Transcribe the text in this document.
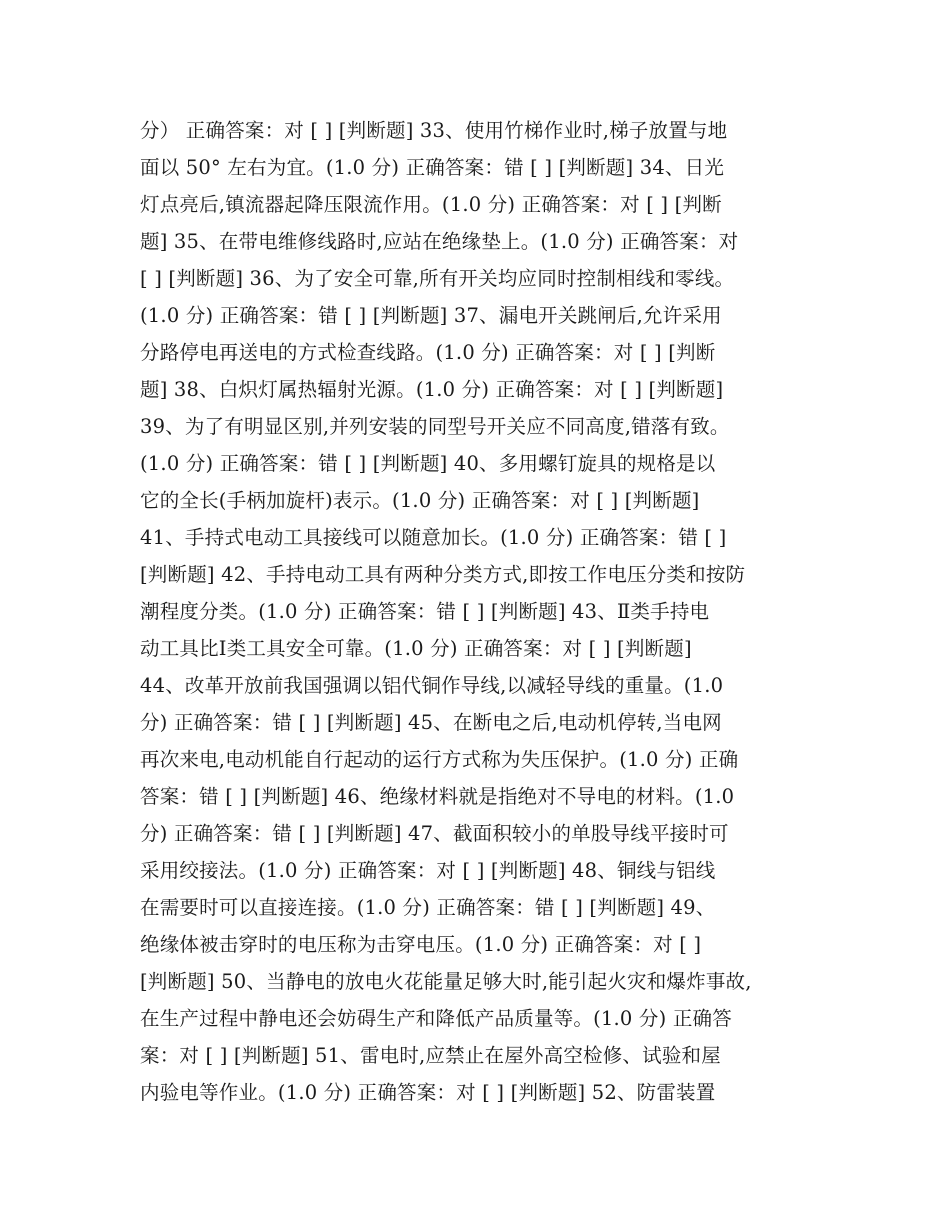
分） 正确答案：对 [ ] [判断题] 33、使用竹梯作业时,梯子放置与地
面以 50° 左右为宜。(1.0 分) 正确答案：错 [ ] [判断题] 34、日光
灯点亮后,镇流器起降压限流作用。(1.0 分) 正确答案：对 [ ] [判断
题] 35、在带电维修线路时,应站在绝缘垫上。(1.0 分) 正确答案：对
[ ] [判断题] 36、为了安全可靠,所有开关均应同时控制相线和零线。
(1.0 分) 正确答案：错 [ ] [判断题] 37、漏电开关跳闸后,允许采用
分路停电再送电的方式检查线路。(1.0 分) 正确答案：对 [ ] [判断
题] 38、白炽灯属热辐射光源。(1.0 分) 正确答案：对 [ ] [判断题]
39、为了有明显区别,并列安装的同型号开关应不同高度,错落有致。
(1.0 分) 正确答案：错 [ ] [判断题] 40、多用螺钉旋具的规格是以
它的全长(手柄加旋杆)表示。(1.0 分) 正确答案：对 [ ] [判断题]
41、手持式电动工具接线可以随意加长。(1.0 分) 正确答案：错 [ ]
[判断题] 42、手持电动工具有两种分类方式,即按工作电压分类和按防
潮程度分类。(1.0 分) 正确答案：错 [ ] [判断题] 43、Ⅱ类手持电
动工具比Ⅰ类工具安全可靠。(1.0 分) 正确答案：对 [ ] [判断题]
44、改革开放前我国强调以铝代铜作导线,以减轻导线的重量。(1.0
分) 正确答案：错 [ ] [判断题] 45、在断电之后,电动机停转,当电网
再次来电,电动机能自行起动的运行方式称为失压保护。(1.0 分) 正确
答案：错 [ ] [判断题] 46、绝缘材料就是指绝对不导电的材料。(1.0
分) 正确答案：错 [ ] [判断题] 47、截面积较小的单股导线平接时可
采用绞接法。(1.0 分) 正确答案：对 [ ] [判断题] 48、铜线与铝线
在需要时可以直接连接。(1.0 分) 正确答案：错 [ ] [判断题] 49、
绝缘体被击穿时的电压称为击穿电压。(1.0 分) 正确答案：对 [ ]
[判断题] 50、当静电的放电火花能量足够大时,能引起火灾和爆炸事故,
在生产过程中静电还会妨碍生产和降低产品质量等。(1.0 分) 正确答
案：对 [ ] [判断题] 51、雷电时,应禁止在屋外高空检修、试验和屋
内验电等作业。(1.0 分) 正确答案：对 [ ] [判断题] 52、防雷装置
